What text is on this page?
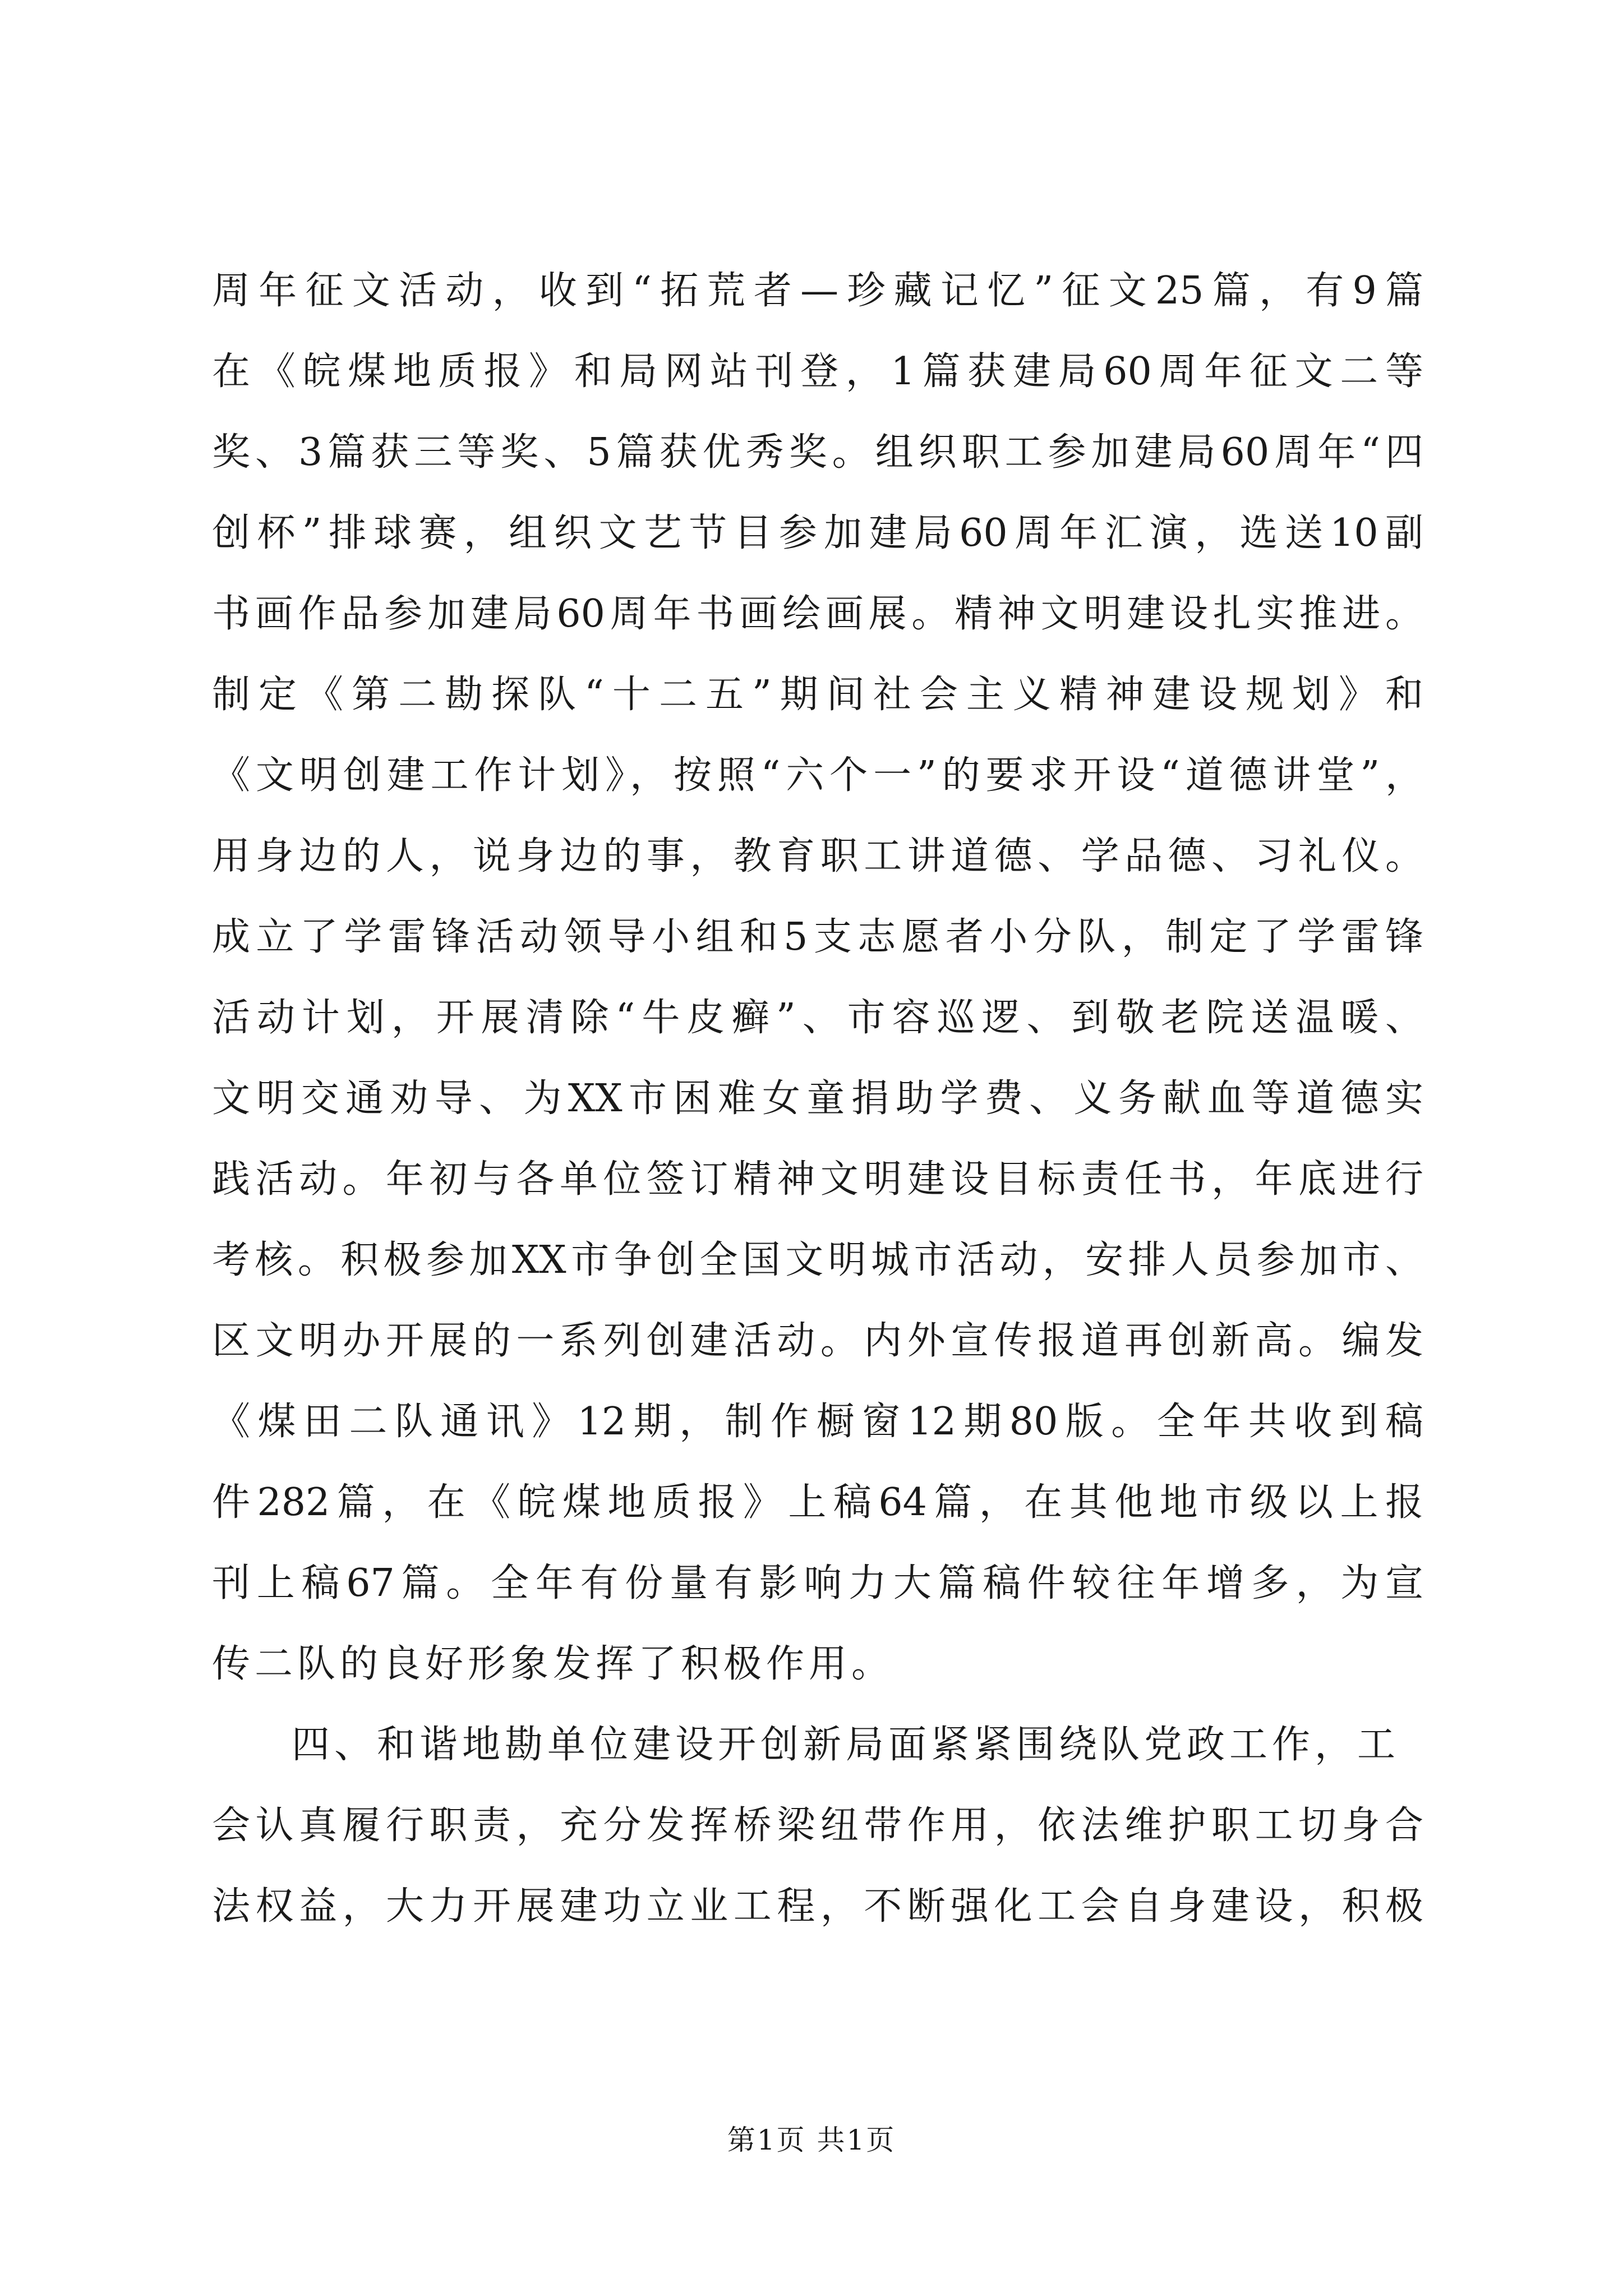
周年征文活动，收到“拓荒者—珍藏记忆”征文25篇，有9篇
在《皖煤地质报》和局网站刊登，1篇获建局60周年征文二等
奖、3篇获三等奖、5篇获优秀奖。组织职工参加建局60周年“四
创杯”排球赛，组织文艺节目参加建局60周年汇演，选送10副
书画作品参加建局60周年书画绘画展。精神文明建设扎实推进。
制定《第二勘探队“十二五”期间社会主义精神建设规划》和
《文明创建工作计划》，按照“六个一”的要求开设“道德讲堂”，
用身边的人，说身边的事，教育职工讲道德、学品德、习礼仪。
成立了学雷锋活动领导小组和5支志愿者小分队，制定了学雷锋
活动计划，开展清除“牛皮癣”、市容巡逻、到敬老院送温暖、
文明交通劝导、为XX市困难女童捐助学费、义务献血等道德实
践活动。年初与各单位签订精神文明建设目标责任书，年底进行
考核。积极参加XX市争创全国文明城市活动，安排人员参加市、
区文明办开展的一系列创建活动。内外宣传报道再创新高。编发
《煤田二队通讯》12期，制作橱窗12期80版。全年共收到稿
件282篇，在《皖煤地质报》上稿64篇，在其他地市级以上报
刊上稿67篇。全年有份量有影响力大篇稿件较往年增多，为宣
传二队的良好形象发挥了积极作用。
四、和谐地勘单位建设开创新局面紧紧围绕队党政工作，工
会认真履行职责，充分发挥桥梁纽带作用，依法维护职工切身合
法权益，大力开展建功立业工程，不断强化工会自身建设，积极
第1页 共1页
